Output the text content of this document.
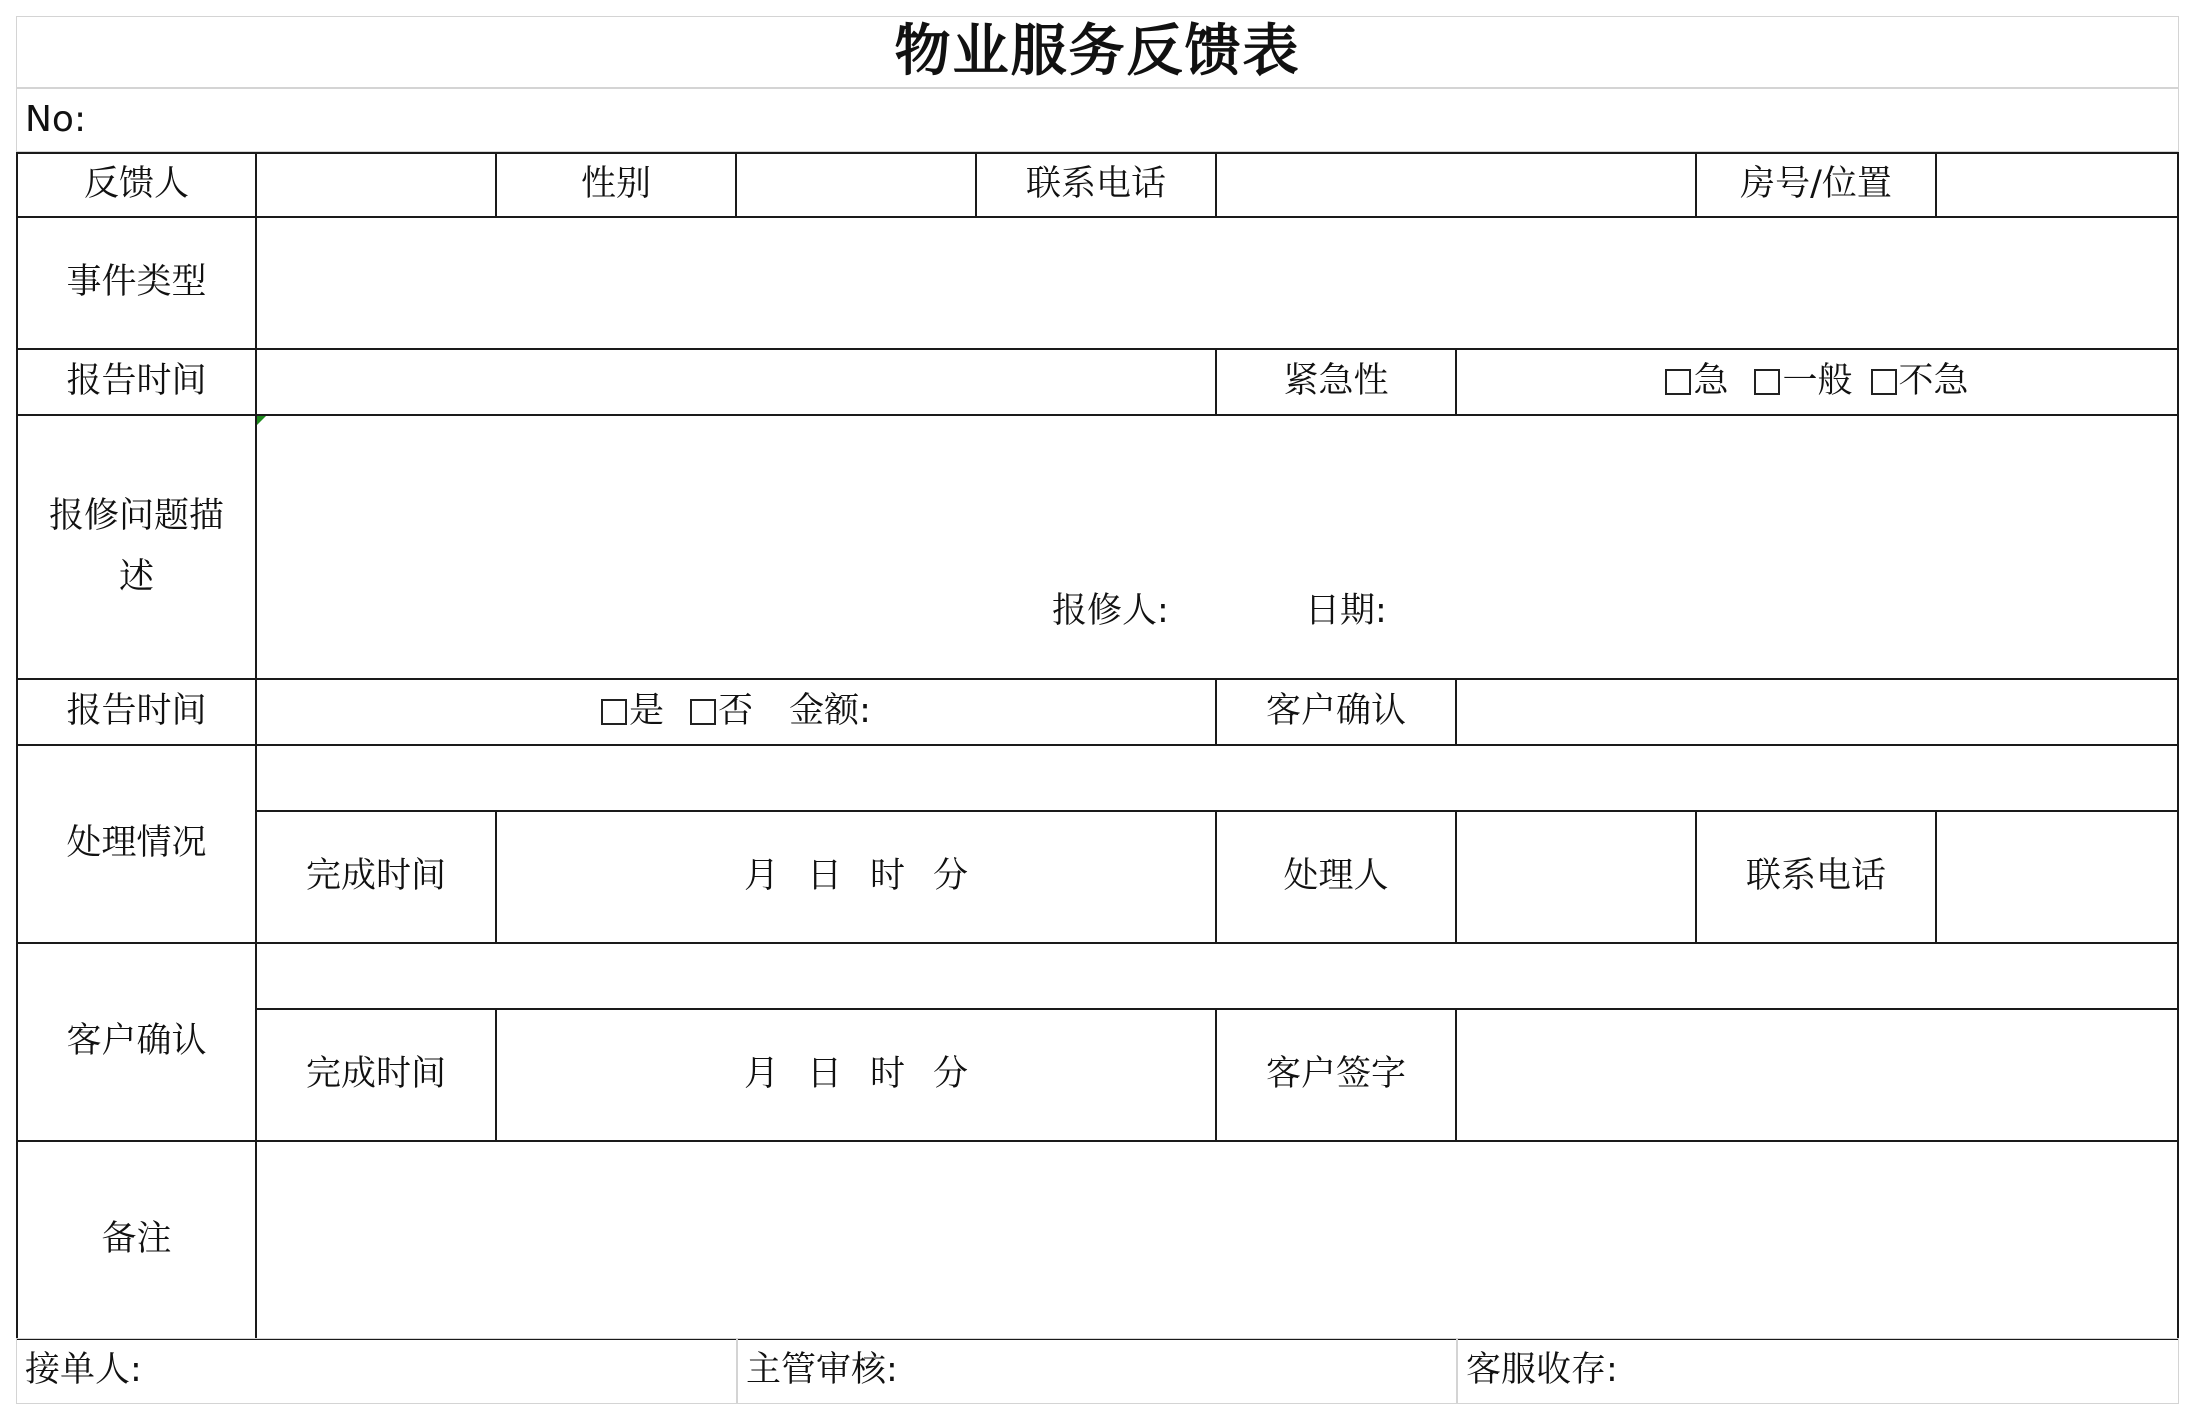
物业服务反馈表
No:
反馈人	性别	联系电话	房号/位置
事件类型
报告时间	紧急性	急 一般 不急
报修问题描
述
报修人:	日期:
报告时间	是 否 金额:	客户确认
处理情况
完成时间	月 日 时 分	处理人	联系电话
客户确认
完成时间	月 日 时 分	客户签字
备注
接单人:	主管审核:	客服收存:
